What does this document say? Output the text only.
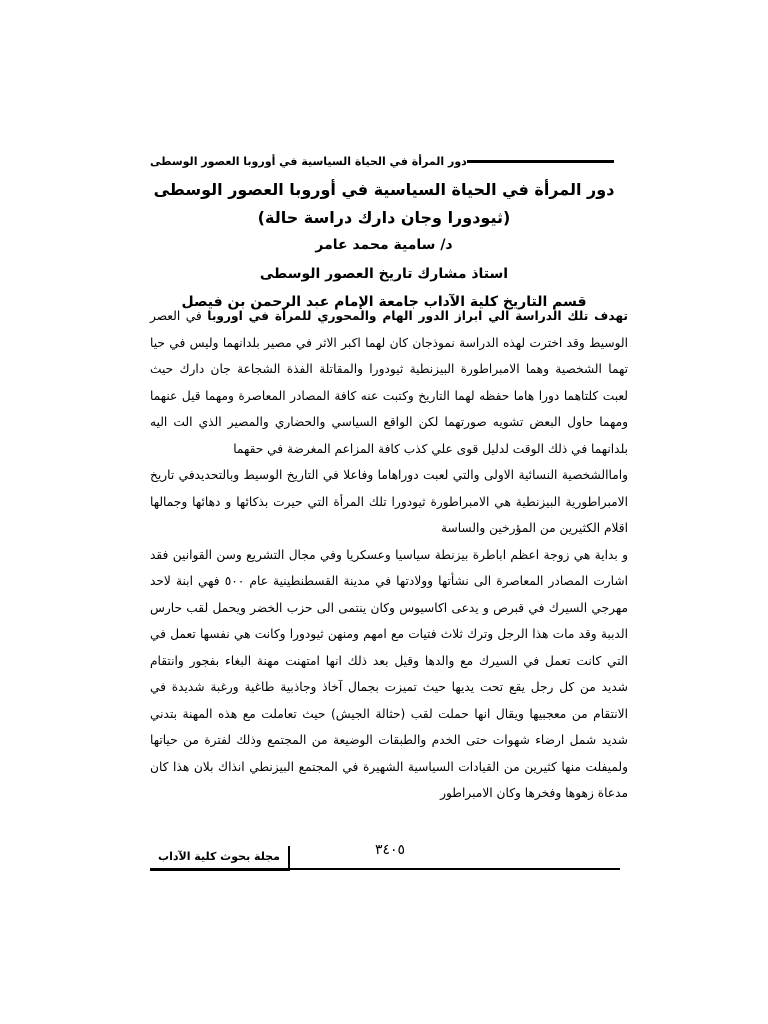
دور المرأة في الحياة السياسية في أوروبا العصور الوسطى
دور المرأة في الحياة السياسية في أوروبا العصور الوسطى
(ثيودورا وجان دارك دراسة حالة)
د/ سامية محمد عامر
استاذ مشارك تاريخ العصور الوسطى
قسم التاريخ كلية الآداب جامعة الإمام عبد الرحمن بن فيصل

تهدف تلك الدراسة الي ابراز الدور الهام والمحوري للمرأة في اوروبا في العصر الوسيط وقد اخترت لهذه الدراسة نموذجان كان لهما اكبر الاثر في مصير بلدانهما وليس في حيا تهما الشخصية وهما الامبراطورة البيزنطية ثيودورا والمقاتلة الفذة الشجاعة جان دارك حيث لعبت كلتاهما دورا هاما حفظه لهما التاريخ وكتبت عنه كافة المصادر المعاصرة ومهما قيل عنهما ومهما حاول البعض تشويه صورتهما لكن الواقع السياسي والحضاري والمصير الذي الت اليه بلدانهما في ذلك الوقت لدليل قوى علي كذب كافة المزاعم المغرضة في حقهما

واماالشخصية النسائية الاولى والتي لعبت دوراهاما وفاعلا في التاريخ الوسيط وبالتحديدفي تاريخ الامبراطورية البيزنطية هي الامبراطورة ثيودورا تلك المرأة التي حيرت بذكائها و دهائها وجمالها اقلام الكثيرين من المؤرخين والساسة

و بداية هي زوجة اعظم اباطرة بيزنطة سياسيا وعسكريا وفي مجال التشريع وسن القوانين فقد اشارت المصادر المعاصرة الى نشأتها وولادتها في مدينة القسطنطينية عام ٥٠٠ فهي ابنة لاحد مهرجي السيرك في قبرص و يدعى اكاسيوس وكان ينتمى الى حزب الخضر ويحمل لقب حارس الدببة وقد مات هذا الرجل وترك ثلاث فتيات مع امهم ومنهن ثيودورا وكانت هي نفسها تعمل في التي كانت تعمل في السيرك مع والدها وقيل بعد ذلك انها امتهنت مهنة البغاء بفجور وانتقام شديد من كل رجل يقع تحت يديها حيث تميزت بجمال آخاذ وجاذبية طاغية ورغبة شديدة في الانتقام من معجبيها ويقال انها حملت لقب (حثالة الجيش) حيث تعاملت مع هذه المهنة بتدني شديد شمل ارضاء شهوات حتى الخدم والطبقات الوضيعة من المجتمع وذلك لفترة من حياتها ولميفلت منها كثيرين من القيادات السياسية الشهيرة في المجتمع البيزنطي انذاك بلان هذا كان مدعاة زهوها وفخرها وكان الامبراطور

مجلة بحوث كلية الآداب	٣٤٠٥
